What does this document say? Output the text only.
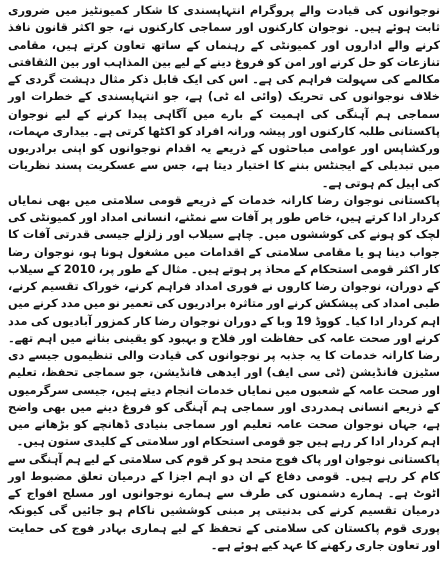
نوجوانوں کی قیادت والے پروگرام انتہاپسندی کا شکار کمیونٹیز میں ضروری ثابت ہوئے ہیں۔ نوجوان کارکنوں اور سماجی کارکنوں نے، جو اکثر قانون نافذ کرنے والے اداروں اور کمیونٹی کے رہنماں کے ساتھ تعاون کرتے ہیں، مقامی تنازعات کو حل کرنے اور امن کو فروغ دینے کے لیے بین المذاہب اور بین الثقافتی مکالمے کی سہولت فراہم کی ہے۔ اس کی ایک قابل ذکر مثال دہشت گردی کے خلاف نوجوانوں کی تحریک (وائی اے ٹی) ہے، جو انتہاپسندی کے خطرات اور سماجی ہم آہنگی کی اہمیت کے بارے میں آگاہی پیدا کرنے کے لیے نوجوان پاکستانی طلبہ کارکنوں اور پیشہ ورانہ افراد کو اکٹھا کرتی ہے۔ بیداری مہمات، ورکشاپس اور عوامی مباحثوں کے ذریعے یہ اقدام نوجوانوں کو اپنی برادریوں میں تبدیلی کے ایجنٹس بننے کا اختیار دیتا ہے، جس سے عسکریت پسند نظریات کی اپیل کم ہوتی ہے۔

پاکستانی نوجوان رضا کارانہ خدمات کے ذریعے قومی سلامتی میں بھی نمایاں کردار ادا کرتے ہیں، خاص طور پر آفات سے نمٹنے، انسانی امداد اور کمیونٹی کی لچک کو ہونے کی کوششوں میں۔ چاہے سیلاب اور زلزلے جیسی قدرتی آفات کا جواب دینا ہو یا مقامی سلامتی کے اقدامات میں مشغول ہونا ہو، نوجوان رضا کار اکثر قومی استحکام کے محاذ پر ہوتے ہیں۔ مثال کے طور پر، 2010 کے سیلاب کے دوران، نوجوان رضا کاروں نے فوری امداد فراہم کرنے، خوراک تقسیم کرنے، طبی امداد کی پیشکش کرنے اور متاثرہ برادریوں کی تعمیر نو میں مدد کرنے میں اہم کردار ادا کیا۔ کووڈ 19 وبا کے دوران نوجوان رضا کار کمزور آبادیوں کی مدد کرنے اور صحت عامہ کی حفاظت اور فلاح و بہبود کو یقینی بنانے میں اہم تھے۔ رضا کارانہ خدمات کا یہ جذبہ پر نوجوانوں کی قیادت والی تنظیموں جیسے دی سٹیزن فانڈیشن (ٹی سی ایف) اور ایدھی فانڈیشن، جو سماجی تحفظ، تعلیم اور صحت عامہ کے شعبوں میں نمایاں خدمات انجام دیتے ہیں، جیسی سرگرمیوں کے ذریعے انسانی ہمدردی اور سماجی ہم آہنگی کو فروغ دینے میں بھی واضح ہے، جہاں نوجوان صحت عامہ تعلیم اور سماجی بنیادی ڈھانچے کو بڑھانے میں اہم کردار ادا کر رہے ہیں جو قومی استحکام اور سلامتی کے کلیدی ستون ہیں۔

پاکستانی نوجوان اور پاک فوج متحد ہو کر قوم کی سلامتی کے لیے ہم آہنگی سے کام کر رہے ہیں۔ قومی دفاع کے ان دو اہم اجزا کے درمیان تعلق مضبوط اور اٹوٹ ہے۔ ہمارے دشمنوں کی طرف سے ہمارے نوجوانوں اور مسلح افواج کے درمیان تقسیم کرنے کی بدنیتی پر مبنی کوششیں ناکام ہو جائیں گی کیونکہ پوری قوم پاکستان کی سلامتی کے تحفظ کے لیے ہماری بہادر فوج کی حمایت اور تعاون جاری رکھنے کا عہد کیے ہوئے ہے۔
